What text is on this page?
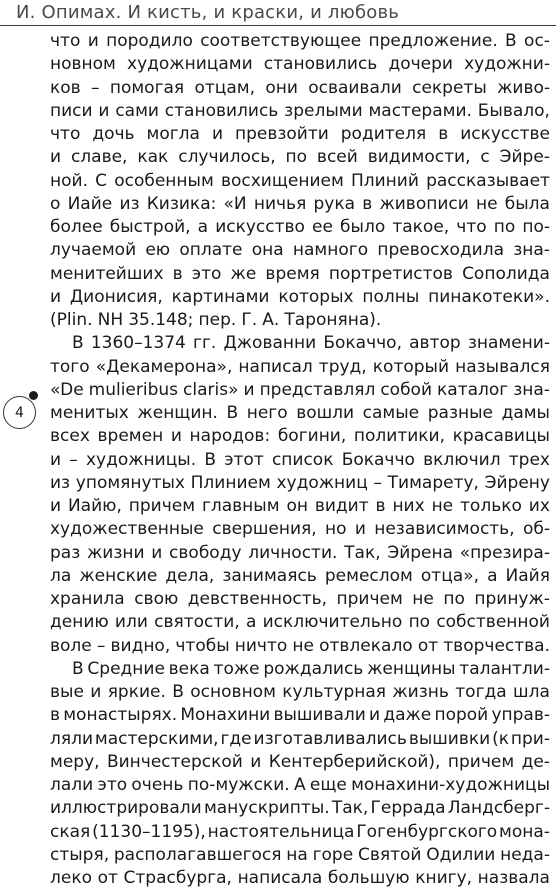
И. Опимах. И кисть, и краски, и любовь
4
что и породило соответствующее предложение. В ос-
новном художницами становились дочери художни-
ков – помогая отцам, они осваивали секреты живо-
писи и сами становились зрелыми мастерами. Бывало,
что дочь могла и превзойти родителя в искусстве
и славе, как случилось, по всей видимости, с Эйре-
ной. С особенным восхищением Плиний рассказывает
о Иайе из Кизика: «И ничья рука в живописи не была
более быстрой, а искусство ее было такое, что по по-
лучаемой ею оплате она намного превосходила зна-
менитейших в это же время портретистов Сополида
и Дионисия, картинами которых полны пинакотеки».
(Plin. NH 35.148; пер. Г. А. Тароняна).
В 1360–1374 гг. Джованни Бокаччо, автор знамени-
того «Декамерона», написал труд, который назывался
«De mulieribus claris» и представлял собой каталог зна-
менитых женщин. В него вошли самые разные дамы
всех времен и народов: богини, политики, красавицы
и – художницы. В этот список Бокаччо включил трех
из упомянутых Плинием художниц – Тимарету, Эйрену
и Иайю, причем главным он видит в них не только их
художественные свершения, но и независимость, об-
раз жизни и свободу личности. Так, Эйрена «презира-
ла женские дела, занимаясь ремеслом отца», а Иайя
хранила свою девственность, причем не по принуж-
дению или святости, а исключительно по собственной
воле – видно, чтобы ничто не отвлекало от творчества.
В Средние века тоже рождались женщины талантли-
вые и яркие. В основном культурная жизнь тогда шла
в монастырях. Монахини вышивали и даже порой управ-
ляли мастерскими, где изготавливались вышивки (к при-
меру, Винчестерской и Кентерберийской), причем де-
лали это очень по-мужски. А еще монахини-художницы
иллюстрировали манускрипты. Так, Геррада Ландсберг-
ская (1130–1195), настоятельница Гогенбургского мона-
стыря, располагавшегося на горе Святой Одилии неда-
леко от Страсбурга, написала большую книгу, назвала
